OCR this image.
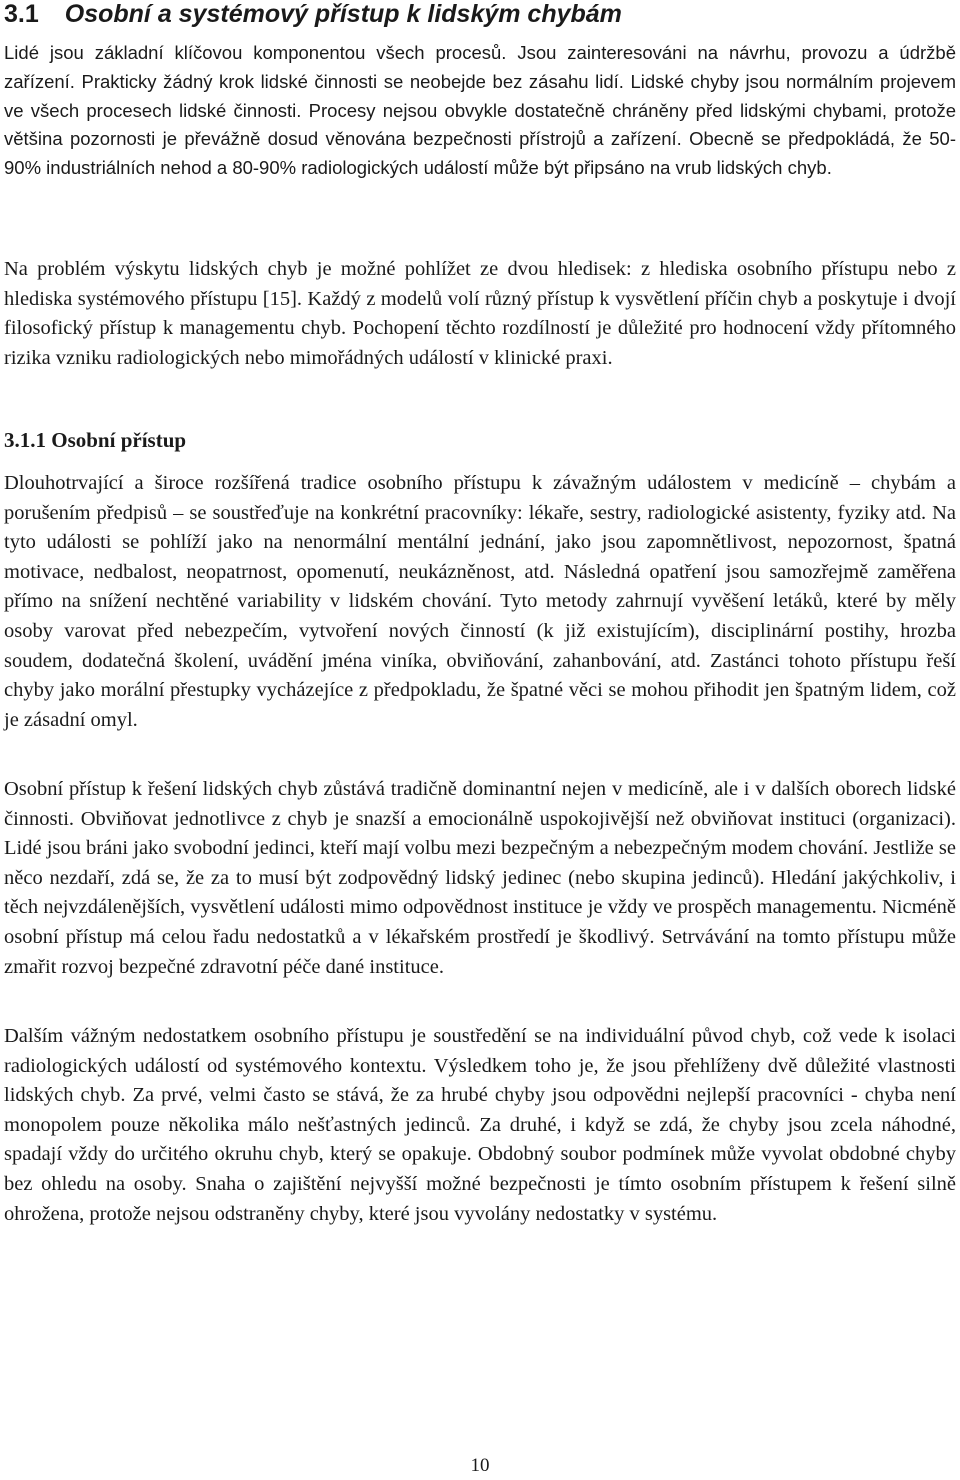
3.1 Osobní a systémový přístup k lidským chybám

Lidé jsou základní klíčovou komponentou všech procesů. Jsou zainteresováni na návrhu, provozu a údržbě zařízení. Prakticky žádný krok lidské činnosti se neobejde bez zásahu lidí. Lidské chyby jsou normálním projevem ve všech procesech lidské činnosti. Procesy nejsou obvykle dostatečně chráněny před lidskými chybami, protože většina pozornosti je převážně dosud věnována bezpečnosti přístrojů a zařízení. Obecně se předpokládá, že 50-90% industriálních nehod a 80-90% radiologických událostí může být připsáno na vrub lidských chyb.

Na problém výskytu lidských chyb je možné pohlížet ze dvou hledisek: z hlediska osobního přístupu nebo z hlediska systémového přístupu [15]. Každý z modelů volí různý přístup k vysvětlení příčin chyb a poskytuje i dvojí filosofický přístup k managementu chyb. Pochopení těchto rozdílností je důležité pro hodnocení vždy přítomného rizika vzniku radiologických nebo mimořádných událostí v klinické praxi.

3.1.1 Osobní přístup

Dlouhotrvající a široce rozšířená tradice osobního přístupu k závažným událostem v medicíně – chybám a porušením předpisů – se soustřeďuje na konkrétní pracovníky: lékaře, sestry, radiologické asistenty, fyziky atd. Na tyto události se pohlíží jako na nenormální mentální jednání, jako jsou zapomnětlivost, nepozornost, špatná motivace, nedbalost, neopatrnost, opomenutí, neukázněnost, atd. Následná opatření jsou samozřejmě zaměřena přímo na snížení nechtěné variability v lidském chování. Tyto metody zahrnují vyvěšení letáků, které by měly osoby varovat před nebezpečím, vytvoření nových činností (k již existujícím), disciplinární postihy, hrozba soudem, dodatečná školení, uvádění jména viníka, obviňování, zahanbování, atd. Zastánci tohoto přístupu řeší chyby jako morální přestupky vycházejíce z předpokladu, že špatné věci se mohou přihodit jen špatným lidem, což je zásadní omyl.

Osobní přístup k řešení lidských chyb zůstává tradičně dominantní nejen v medicíně, ale i v dalších oborech lidské činnosti. Obviňovat jednotlivce z chyb je snazší a emocionálně uspokojivější než obviňovat instituci (organizaci). Lidé jsou bráni jako svobodní jedinci, kteří mají volbu mezi bezpečným a nebezpečným modem chování. Jestliže se něco nezdaří, zdá se, že za to musí být zodpovědný lidský jedinec (nebo skupina jedinců). Hledání jakýchkoliv, i těch nejvzdálenějších, vysvětlení události mimo odpovědnost instituce je vždy ve prospěch managementu. Nicméně osobní přístup má celou řadu nedostatků a v lékařském prostředí je škodlivý. Setrvávání na tomto přístupu může zmařit rozvoj bezpečné zdravotní péče dané instituce.

Dalším vážným nedostatkem osobního přístupu je soustředění se na individuální původ chyb, což vede k isolaci radiologických událostí od systémového kontextu. Výsledkem toho je, že jsou přehlíženy dvě důležité vlastnosti lidských chyb. Za prvé, velmi často se stává, že za hrubé chyby jsou odpovědni nejlepší pracovníci - chyba není monopolem pouze několika málo nešťastných jedinců. Za druhé, i když se zdá, že chyby jsou zcela náhodné, spadají vždy do určitého okruhu chyb, který se opakuje. Obdobný soubor podmínek může vyvolat obdobné chyby bez ohledu na osoby. Snaha o zajištění nejvyšší možné bezpečnosti je tímto osobním přístupem k řešení silně ohrožena, protože nejsou odstraněny chyby, které jsou vyvolány nedostatky v systému.

10
